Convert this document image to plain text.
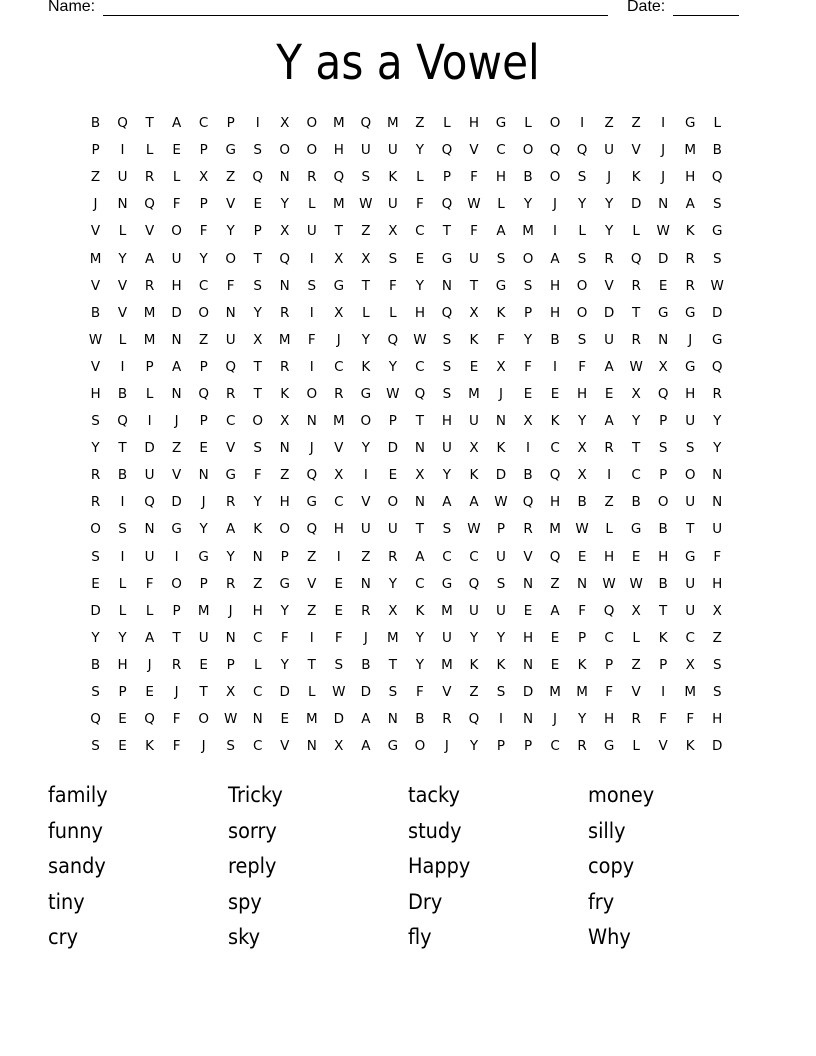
Name:

	Date:

Y as a Vowel
B	Q	T	A	C	P	I	X	O	M	Q	M	Z	L	H	G	L	O	I	Z	Z	I	G	L
P	I	L	E	P	G	S	O	O	H	U	U	Y	Q	V	C	O	Q	Q	U	V	J	M	B
Z	U	R	L	X	Z	Q	N	R	Q	S	K	L	P	F	H	B	O	S	J	K	J	H	Q
J	N	Q	F	P	V	E	Y	L	M	W	U	F	Q	W	L	Y	J	Y	Y	D	N	A	S
V	L	V	O	F	Y	P	X	U	T	Z	X	C	T	F	A	M	I	L	Y	L	W	K	G
M	Y	A	U	Y	O	T	Q	I	X	X	S	E	G	U	S	O	A	S	R	Q	D	R	S
V	V	R	H	C	F	S	N	S	G	T	F	Y	N	T	G	S	H	O	V	R	E	R	W
B	V	M	D	O	N	Y	R	I	X	L	L	H	Q	X	K	P	H	O	D	T	G	G	D
W	L	M	N	Z	U	X	M	F	J	Y	Q	W	S	K	F	Y	B	S	U	R	N	J	G
V	I	P	A	P	Q	T	R	I	C	K	Y	C	S	E	X	F	I	F	A	W	X	G	Q
H	B	L	N	Q	R	T	K	O	R	G	W	Q	S	M	J	E	E	H	E	X	Q	H	R
S	Q	I	J	P	C	O	X	N	M	O	P	T	H	U	N	X	K	Y	A	Y	P	U	Y
Y	T	D	Z	E	V	S	N	J	V	Y	D	N	U	X	K	I	C	X	R	T	S	S	Y
R	B	U	V	N	G	F	Z	Q	X	I	E	X	Y	K	D	B	Q	X	I	C	P	O	N
R	I	Q	D	J	R	Y	H	G	C	V	O	N	A	A	W	Q	H	B	Z	B	O	U	N
O	S	N	G	Y	A	K	O	Q	H	U	U	T	S	W	P	R	M	W	L	G	B	T	U
S	I	U	I	G	Y	N	P	Z	I	Z	R	A	C	C	U	V	Q	E	H	E	H	G	F
E	L	F	O	P	R	Z	G	V	E	N	Y	C	G	Q	S	N	Z	N	W	W	B	U	H
D	L	L	P	M	J	H	Y	Z	E	R	X	K	M	U	U	E	A	F	Q	X	T	U	X
Y	Y	A	T	U	N	C	F	I	F	J	M	Y	U	Y	Y	H	E	P	C	L	K	C	Z
B	H	J	R	E	P	L	Y	T	S	B	T	Y	M	K	K	N	E	K	P	Z	P	X	S
S	P	E	J	T	X	C	D	L	W	D	S	F	V	Z	S	D	M	M	F	V	I	M	S
Q	E	Q	F	O	W	N	E	M	D	A	N	B	R	Q	I	N	J	Y	H	R	F	F	H
S	E	K	F	J	S	C	V	N	X	A	G	O	J	Y	P	P	C	R	G	L	V	K	D
family	Tricky	tacky	money
funny	sorry	study	silly
sandy	reply	Happy	copy
tiny	spy	Dry	fry
cry	sky	fly	Why
